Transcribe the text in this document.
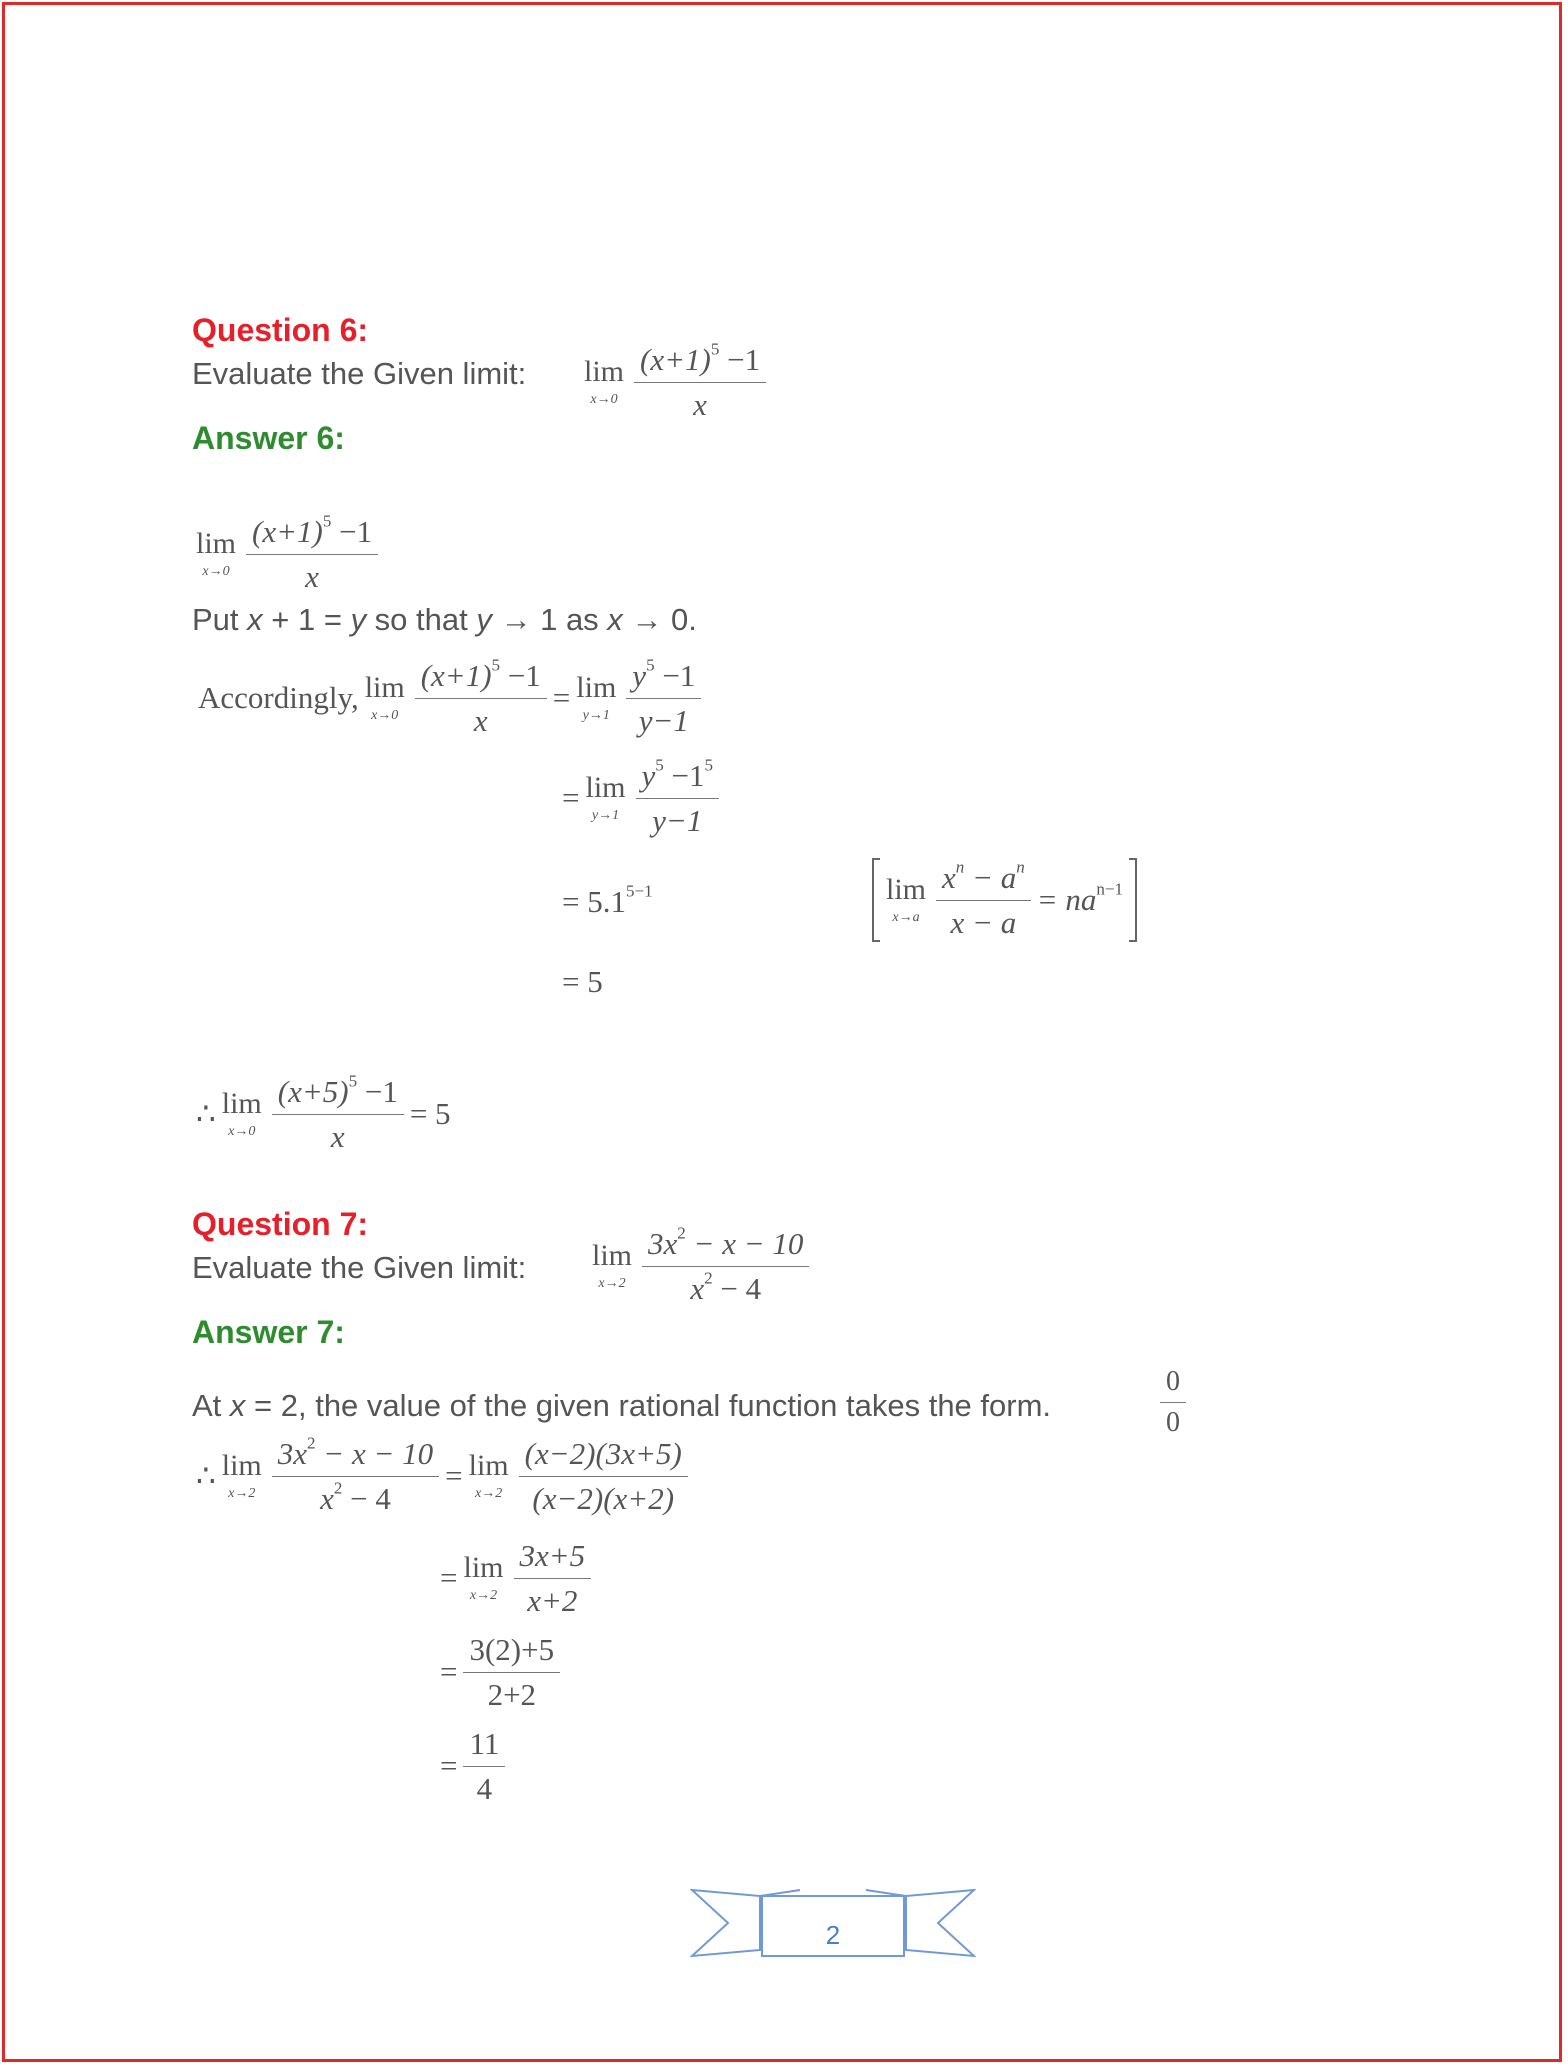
Question 6:
Evaluate the Given limit: lim
$x\to 0 \frac{(x+1)^5 -1}{x}$
Answer 6:
lim
$x\to 0 \frac{(x+1)^5 -1}{x}$
Put x + 1 = y so that y → 1 as x → 0.
Accordingly, lim
$x\to 0 \frac{(x+1)^5 -1}{x} = \lim$
$y\to 1 \frac{y^5 -1}{y-1}$
= lim
$y\to 1 \frac{y^5 -1^5}{y-1}$
= $5.1^{5-1}$	lim
$x\to a \frac{x^n - a^n}{x - a} = na^{n-1}$
= 5
∴ lim
$x\to 0 \frac{(x+5)^5 -1}{x} = 5$
Question 7:
Evaluate the Given limit: lim
$x\to 2 \frac{3x^2 - x - 10}{x^2 - 4}$
Answer 7:
At x = 2, the value of the given rational function takes the form.	$\frac{0}{0}$
∴ lim
$x\to 2 \frac{3x^2 - x - 10}{x^2 - 4} = \lim$
$x\to 2 \frac{(x-2)(3x+5)}{(x-2)(x+2)}$
= lim
$x\to 2 \frac{3x+5}{x+2}$
= $\frac{3(2)+5}{2+2}$
= $\frac{11}{4}$
2
